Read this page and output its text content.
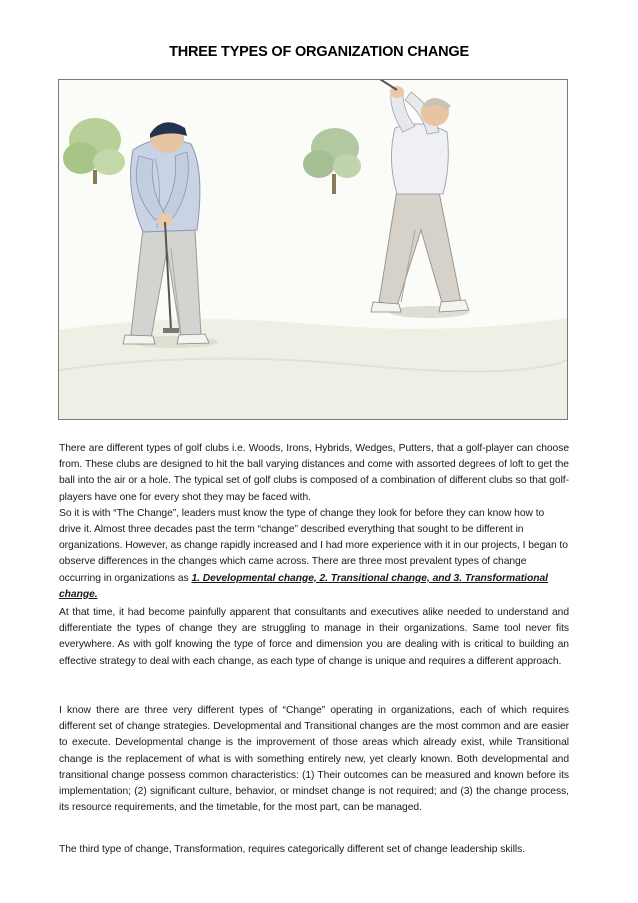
THREE TYPES OF ORGANIZATION CHANGE

There are different types of golf clubs i.e. Woods, Irons, Hybrids, Wedges, Putters, that a golf-player can choose from. These clubs are designed to hit the ball varying distances and come with assorted degrees of loft to get the ball into the air or a hole. The typical set of golf clubs is composed of a combination of different clubs so that golf-players have one for every shot they may be faced with.

So it is with “The Change”, leaders must know the type of change they look for before they can know how to drive it. Almost three decades past the term “change” described everything that sought to be different in organizations. However, as change rapidly increased and I had more experience with it in our projects, I began to observe differences in the changes which came across. There are three most prevalent types of change occurring in organizations as 1. Developmental change, 2. Transitional change, and 3. Transformational change.

At that time, it had become painfully apparent that consultants and executives alike needed to understand and differentiate the types of change they are struggling to manage in their organizations. Same tool never fits everywhere. As with golf knowing the type of force and dimension you are dealing with is critical to building an effective strategy to deal with each change, as each type of change is unique and requires a different approach.

I know there are three very different types of “Change” operating in organizations, each of which requires different set of change strategies. Developmental and Transitional changes are the most common and are easier to execute. Developmental change is the improvement of those areas which already exist, while Transitional change is the replacement of what is with something entirely new, yet clearly known. Both developmental and transitional change possess common characteristics: (1) Their outcomes can be measured and known before its implementation; (2) significant culture, behavior, or mindset change is not required; and (3) the change process, its resource requirements, and the timetable, for the most part, can be managed.

The third type of change, Transformation, requires categorically different set of change leadership skills.
